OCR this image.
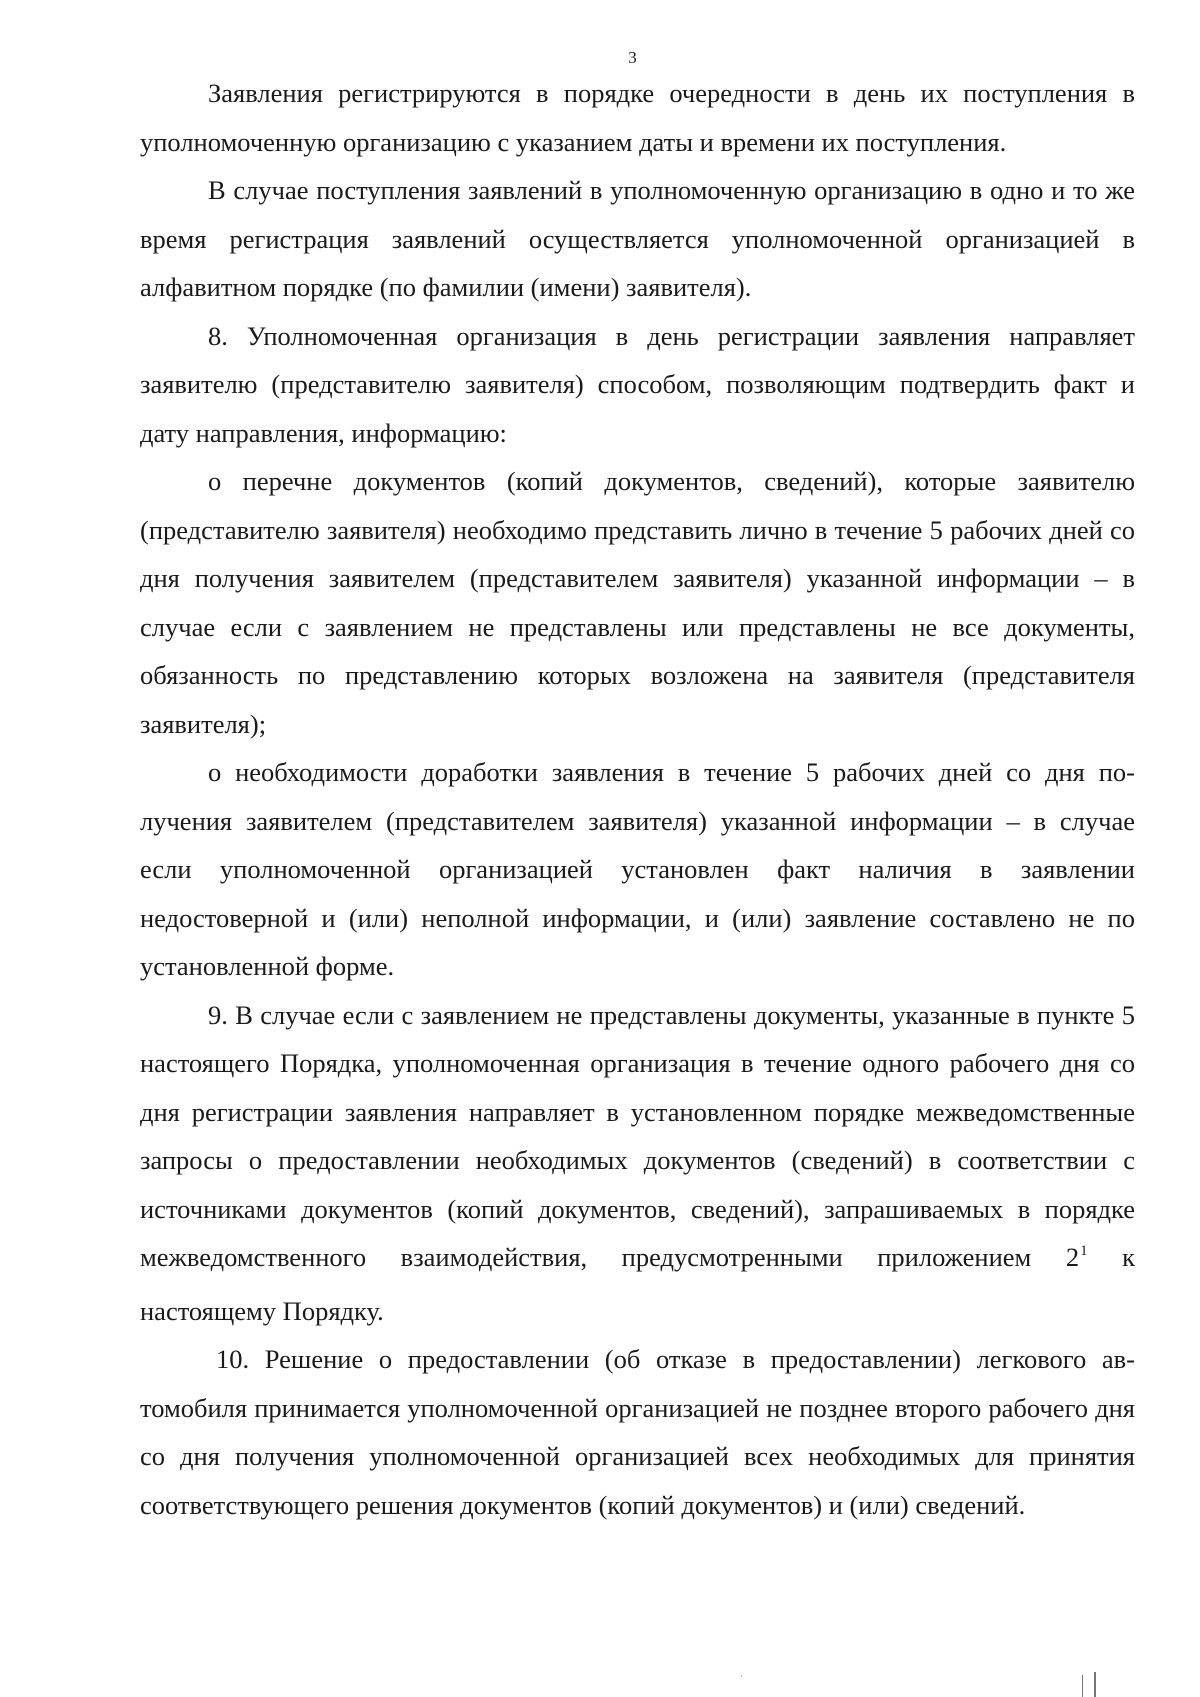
3

Заявления регистрируются в порядке очередности в день их поступления в уполномоченную организацию с указанием даты и времени их поступления.

В случае поступления заявлений в уполномоченную организацию в одно и то же время регистрация заявлений осуществляется уполномоченной организацией в алфавитном порядке (по фамилии (имени) заявителя).

8. Уполномоченная организация в день регистрации заявления направляет заявителю (представителю заявителя) способом, позволяющим подтвердить факт и дату направления, информацию:

о перечне документов (копий документов, сведений), которые заявителю (представителю заявителя) необходимо представить лично в течение 5 рабочих дней со дня получения заявителем (представителем заявителя) указанной информации – в случае если с заявлением не представлены или представлены не все документы, обязанность по представлению которых возложена на заявителя (представителя заявителя);

о необходимости доработки заявления в течение 5 рабочих дней со дня получения заявителем (представителем заявителя) указанной информации – в случае если уполномоченной организацией установлен факт наличия в заявлении недостоверной и (или) неполной информации, и (или) заявление составлено не по установленной форме.

9. В случае если с заявлением не представлены документы, указанные в пункте 5 настоящего Порядка, уполномоченная организация в течение одного рабочего дня со дня регистрации заявления направляет в установленном порядке межведомственные запросы о предоставлении необходимых документов (сведений) в соответствии с источниками документов (копий документов, сведений), запрашиваемых в порядке межведомственного взаимодействия, предусмотренными приложением $2^1$ к настоящему Порядку.

10. Решение о предоставлении (об отказе в предоставлении) легкового автомобиля принимается уполномоченной организацией не позднее второго рабочего дня со дня получения уполномоченной организацией всех необходимых для принятия соответствующего решения документов (копий документов) и (или) сведений.
